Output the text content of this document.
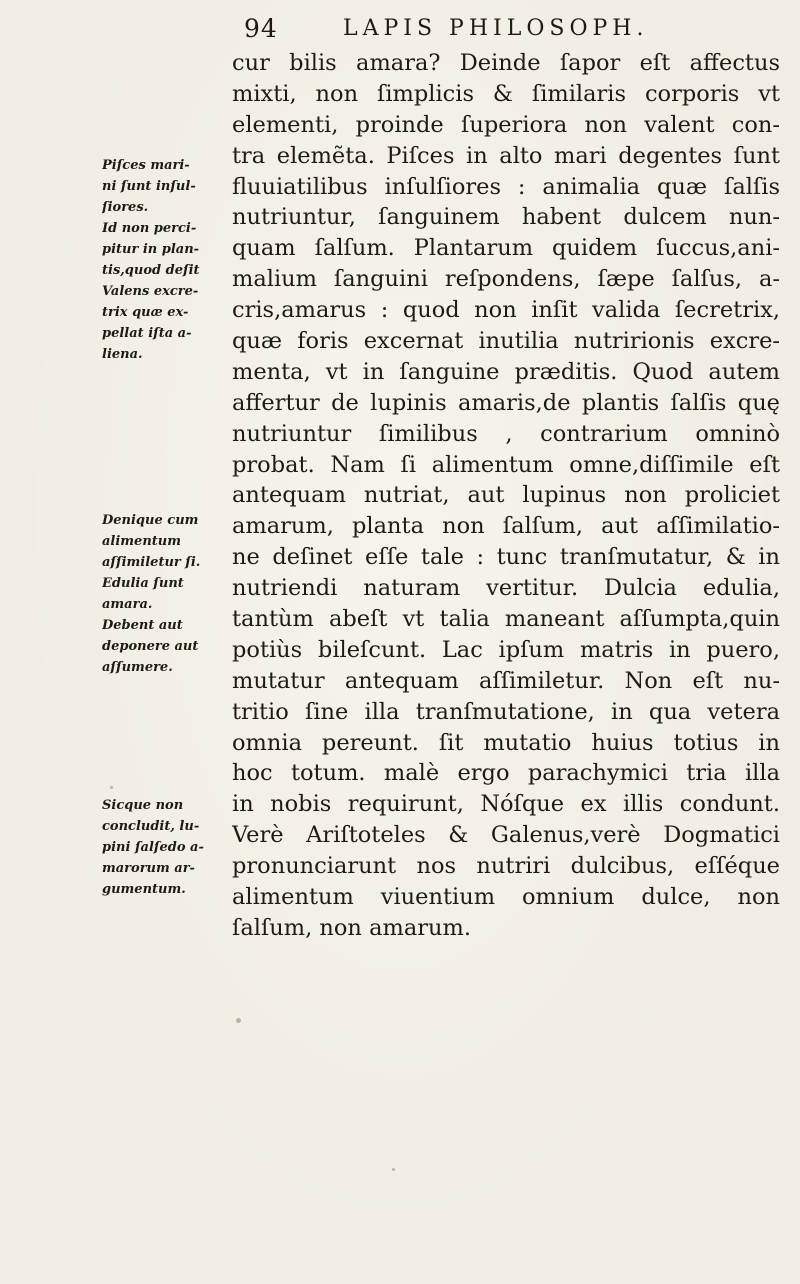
94	LAPIS PHILOSOPH.
Piſces mari-
ni ſunt inſul-
ſiores.
Id non perci-
pitur in plan-
tis,quod deſit
Valens excre-
trix quæ ex-
pellat iſta a-
liena.
Denique cum
alimentum
aſſimiletur ſi.
Edulia ſunt
amara.
Debent aut
deponere aut
aſſumere.
Sicque non
concludit, lu-
pini ſalſedo a-
marorum ar-
gumentum.
cur bilis amara? Deinde ſapor eſt affectus
mixti, non ſimplicis & ſimilaris corporis vt
elementi, proinde ſuperiora non valent con-
tra elemẽta. Piſces in alto mari degentes ſunt
fluuiatilibus inſulſiores : animalia quæ ſalſis
nutriuntur, ſanguinem habent dulcem nun-
quam ſalſum. Plantarum quidem ſuccus,ani-
malium ſanguini reſpondens, ſæpe ſalſus, a-
cris,amarus : quod non inſit valida ſecretrix,
quæ foris excernat inutilia nutririonis excre-
menta, vt in ſanguine præditis. Quod autem
affertur de lupinis amaris,de plantis ſalſis quę
nutriuntur ſimilibus , contrarium omninò
probat. Nam ſi alimentum omne,diſſimile eſt
antequam nutriat, aut lupinus non proliciet
amarum, planta non ſalſum, aut aſſimilatio-
ne deſinet eſſe tale : tunc tranſmutatur, & in
nutriendi naturam vertitur. Dulcia edulia,
tantùm abeſt vt talia maneant aſſumpta,quin
potiùs bileſcunt. Lac ipſum matris in puero,
mutatur antequam aſſimiletur. Non eſt nu-
tritio ſine illa tranſmutatione, in qua vetera
omnia pereunt. ſit mutatio huius totius in
hoc totum. malè ergo parachymici tria illa
in nobis requirunt, Nóſque ex illis condunt.
Verè Ariſtoteles & Galenus,verè Dogmatici
pronunciarunt nos nutriri dulcibus, eſſéque
alimentum viuentium omnium dulce, non
ſalſum, non amarum.
